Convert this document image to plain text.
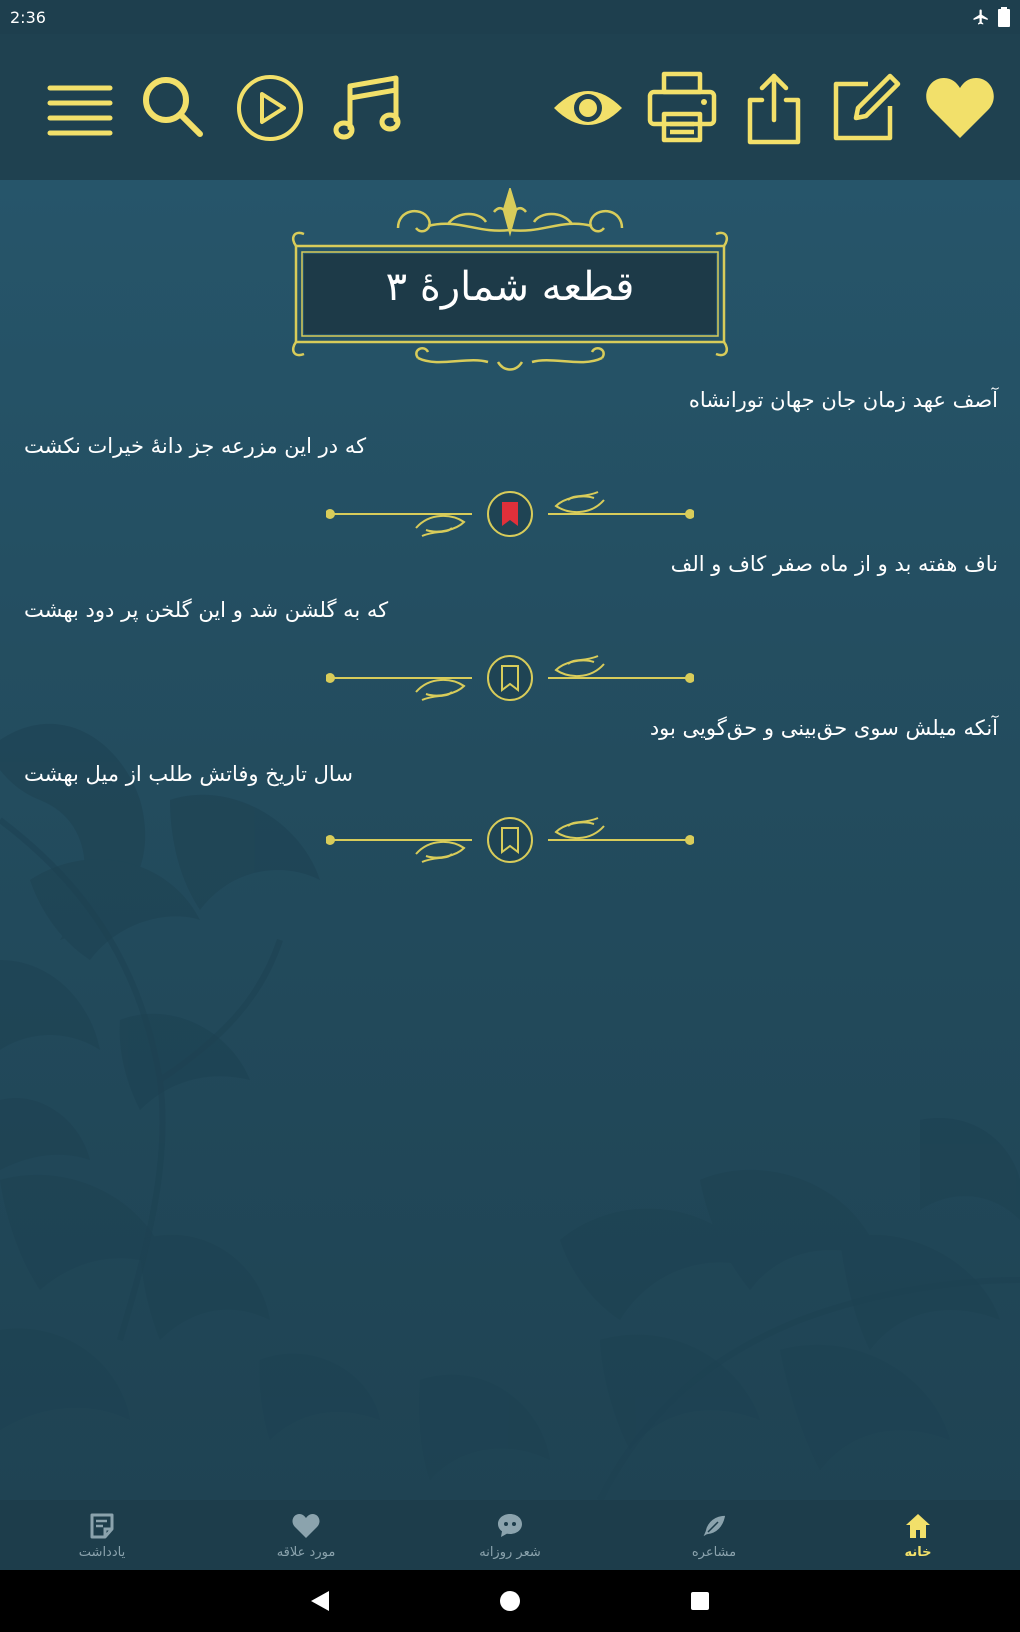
2:36
قطعه شمارهٔ ۳
آصف عهد زمان جان جهان تورانشاه
که در این مزرعه جز دانهٔ خیرات نکشت
ناف هفته بد و از ماه صفر کاف و الف
که به گلشن شد و این گلخن پر دود بهشت
آنکه میلش سوی حق‌بینی و حق‌گویی بود
سال تاریخ وفاتش طلب از میل بهشت
خانه
مشاعره
شعر روزانه
مورد علاقه
یادداشت
